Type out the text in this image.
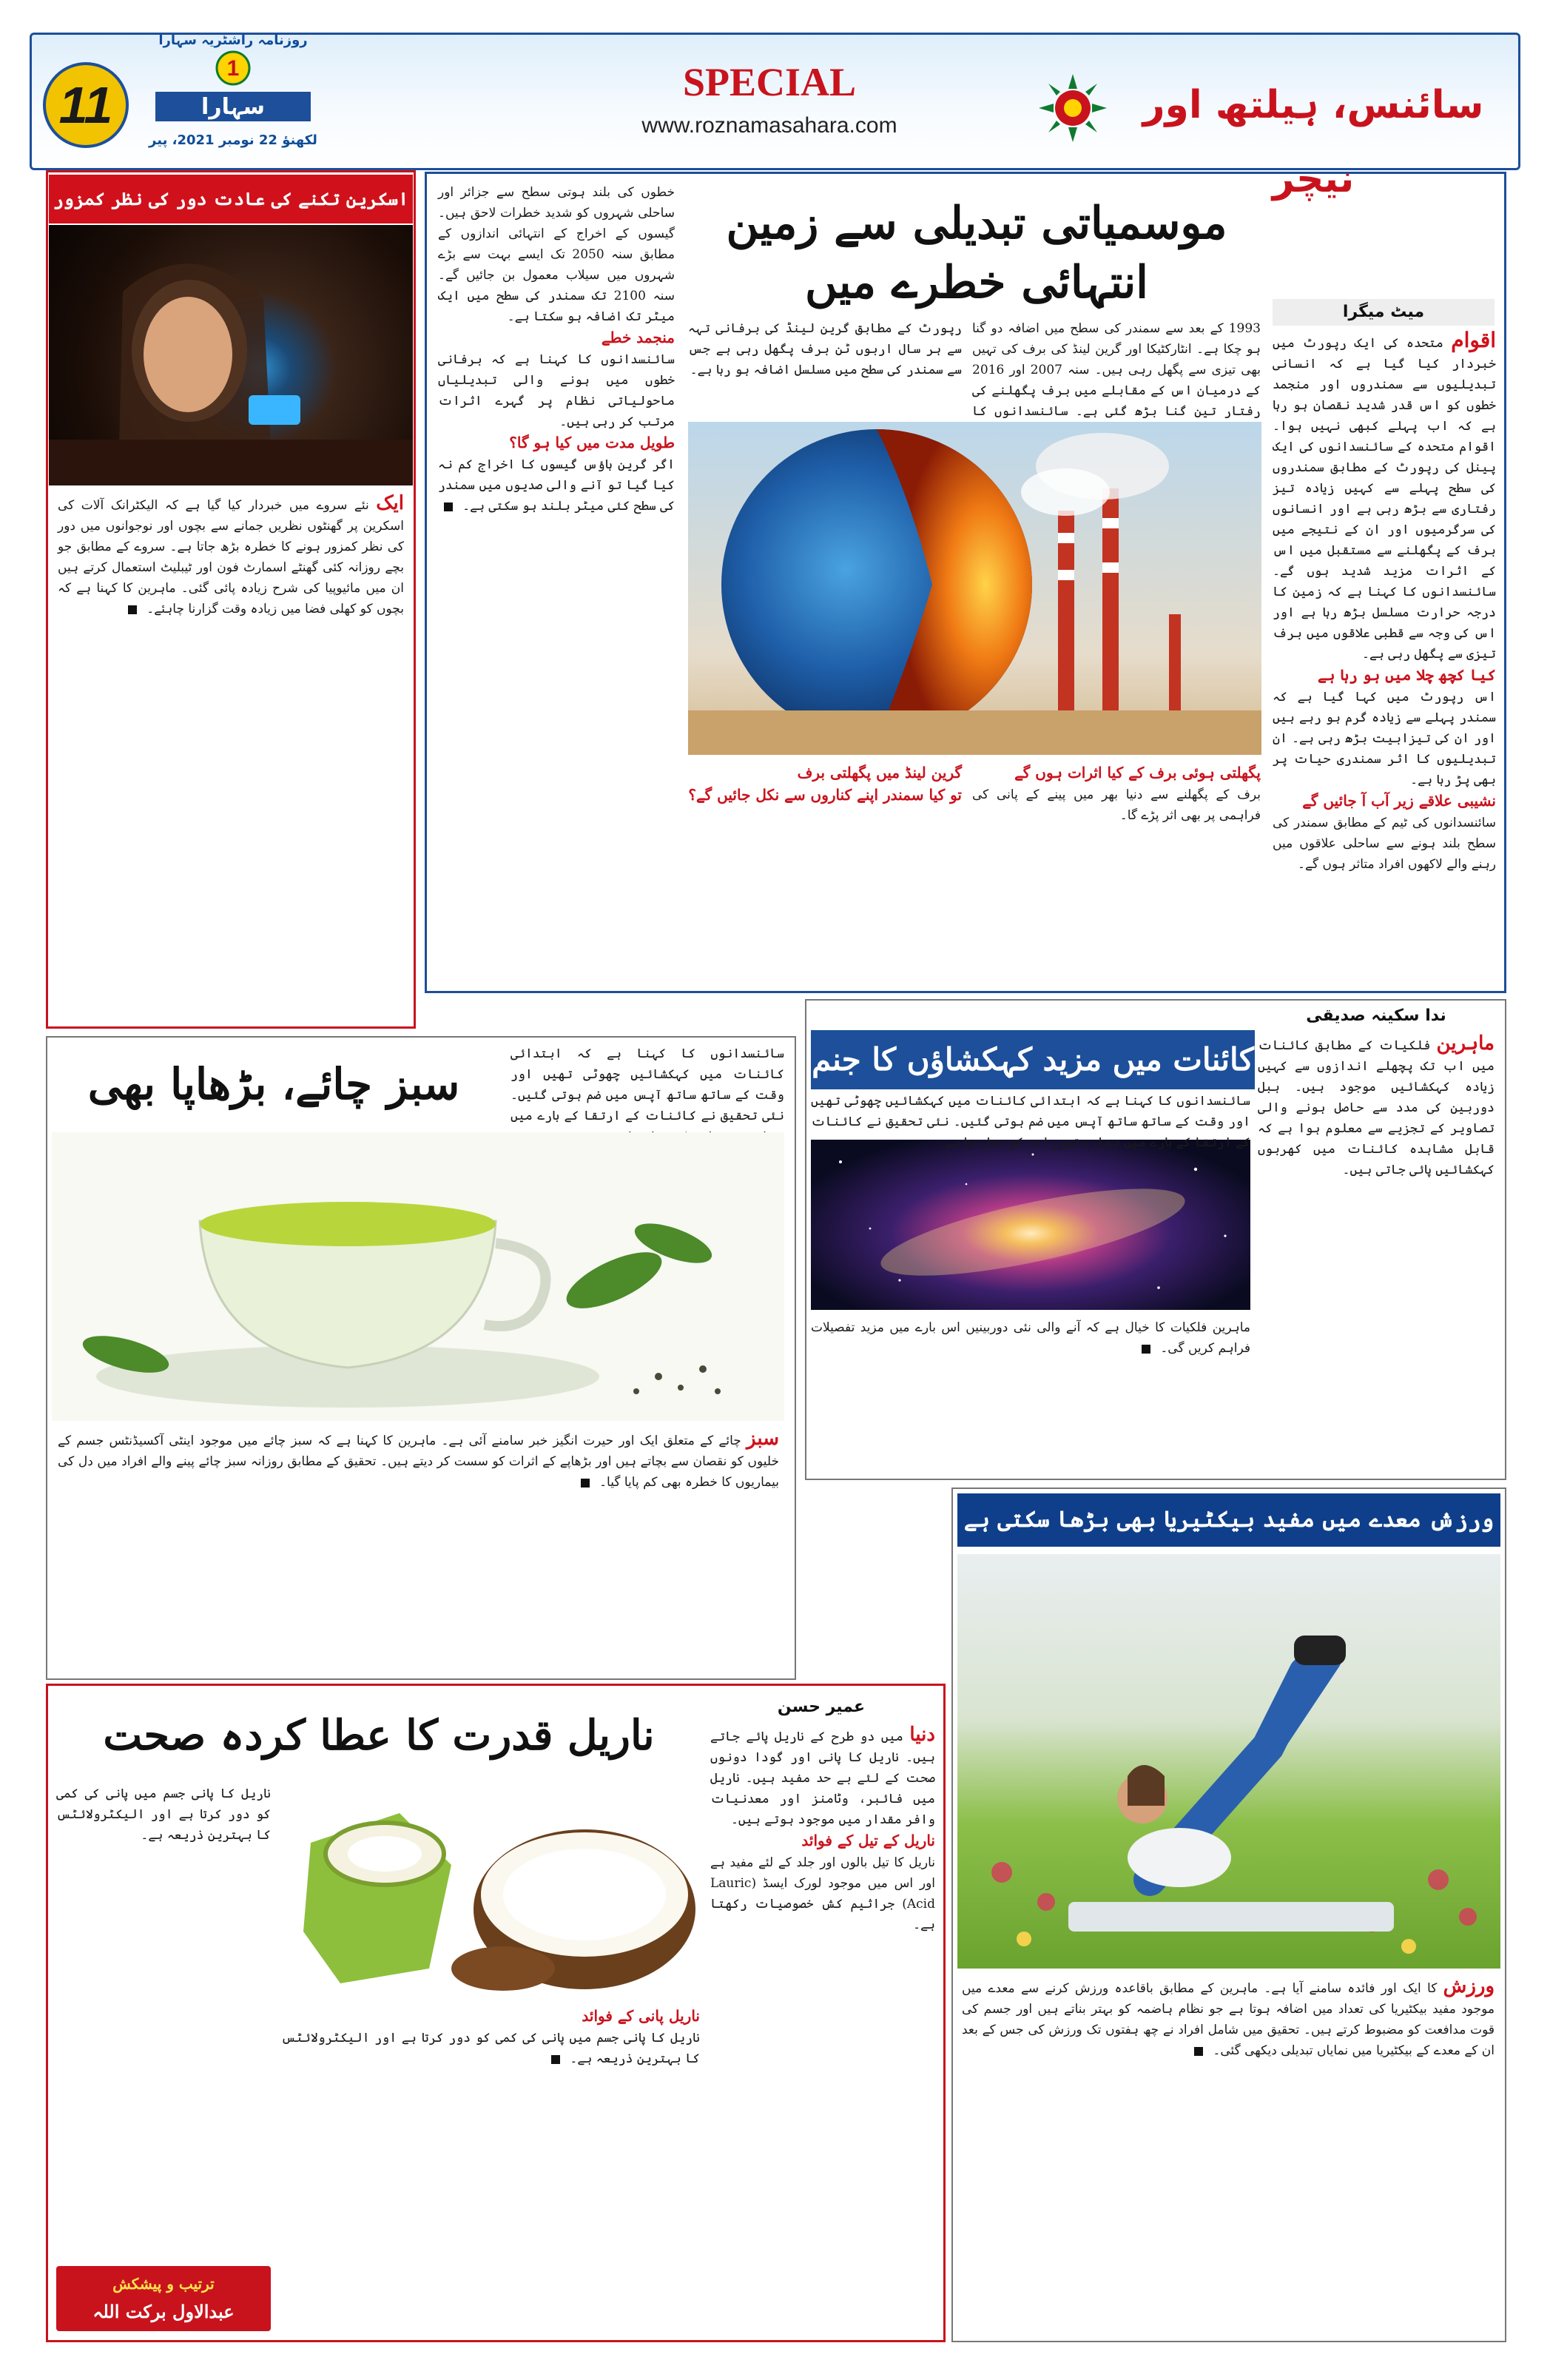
11
1
سہارا
روزنامہ راشٹریہ سہارا
لکھنؤ 22 نومبر 2021، پیر
SPECIAL
www.roznamasahara.com	سائنس، ہیلتھ اور نیچر
اسکرین تکنے کی عادت دور کی نظر کمزور
ایک نئے سروے میں خبردار کیا گیا ہے کہ الیکٹرانک آلات کی اسکرین پر گھنٹوں نظریں جمانے سے بچوں اور نوجوانوں میں دور کی نظر کمزور ہونے کا خطرہ بڑھ جاتا ہے۔ سروے کے مطابق جو بچے روزانہ کئی گھنٹے اسمارٹ فون اور ٹیبلیٹ استعمال کرتے ہیں ان میں مائیوپیا کی شرح زیادہ پائی گئی۔ ماہرین کا کہنا ہے کہ بچوں کو کھلی فضا میں زیادہ وقت گزارنا چاہئے۔
خطوں کی بلند ہوتی سطح سے جزائر اور ساحلی شہروں کو شدید خطرات لاحق ہیں۔ گیسوں کے اخراج کے انتہائی اندازوں کے مطابق سنہ 2050 تک ایسے بہت سے بڑے شہروں میں سیلاب معمول بن جائیں گے۔ سنہ 2100 تک سمندر کی سطح میں ایک میٹر تک اضافہ ہو سکتا ہے۔
منجمد خطے
سائنسدانوں کا کہنا ہے کہ برفانی خطوں میں ہونے والی تبدیلیاں ماحولیاتی نظام پر گہرے اثرات مرتب کر رہی ہیں۔
طویل مدت میں کیا ہو گا؟
اگر گرین ہاؤس گیسوں کا اخراج کم نہ کیا گیا تو آنے والی صدیوں میں سمندر کی سطح کئی میٹر بلند ہو سکتی ہے۔
موسمیاتی تبدیلی سے زمین انتہائی خطرے میں
میٹ میگرا
اقوام متحدہ کی ایک رپورٹ میں خبردار کیا گیا ہے کہ انسانی تبدیلیوں سے سمندروں اور منجمد خطوں کو اس قدر شدید نقصان ہو رہا ہے کہ اب پہلے کبھی نہیں ہوا۔ اقوام متحدہ کے سائنسدانوں کی ایک پینل کی رپورٹ کے مطابق سمندروں کی سطح پہلے سے کہیں زیادہ تیز رفتاری سے بڑھ رہی ہے اور انسانوں کی سرگرمیوں اور ان کے نتیجے میں برف کے پگھلنے سے مستقبل میں اس کے اثرات مزید شدید ہوں گے۔ سائنسدانوں کا کہنا ہے کہ زمین کا درجہ حرارت مسلسل بڑھ رہا ہے اور اس کی وجہ سے قطبی علاقوں میں برف تیزی سے پگھل رہی ہے۔
کیا کچھ چلا میں ہو رہا ہے
اس رپورٹ میں کہا گیا ہے کہ سمندر پہلے سے زیادہ گرم ہو رہے ہیں اور ان کی تیزابیت بڑھ رہی ہے۔ ان تبدیلیوں کا اثر سمندری حیات پر بھی پڑ رہا ہے۔
نشیبی علاقے زیر آب آ جائیں گے
سائنسدانوں کی ٹیم کے مطابق سمندر کی سطح بلند ہونے سے ساحلی علاقوں میں رہنے والے لاکھوں افراد متاثر ہوں گے۔
1993 کے بعد سے سمندر کی سطح میں اضافہ دو گنا ہو چکا ہے۔ انٹارکٹیکا اور گرین لینڈ کی برف کی تہیں بھی تیزی سے پگھل رہی ہیں۔ سنہ 2007 اور 2016 کے درمیان اس کے مقابلے میں برف پگھلنے کی رفتار تین گنا بڑھ گئی ہے۔ سائنسدانوں کا
رپورٹ کے مطابق گرین لینڈ کی برفانی تہہ سے ہر سال اربوں ٹن برف پگھل رہی ہے جس سے سمندر کی سطح میں مسلسل اضافہ ہو رہا ہے۔
پگھلتی ہوئی برف کے کیا اثرات ہوں گے
برف کے پگھلنے سے دنیا بھر میں پینے کے پانی کی فراہمی پر بھی اثر پڑے گا۔
گرین لینڈ میں پگھلتی برف
تو کیا سمندر اپنے کناروں سے نکل جائیں گے؟
ندا سکینہ صدیقی
کائنات میں مزید کہکشاؤں کا جنم	ماہرین فلکیات کے مطابق کائنات میں اب تک پچھلے اندازوں سے کہیں زیادہ کہکشائیں موجود ہیں۔ ہبل دوربین کی مدد سے حاصل ہونے والی تصاویر کے تجزیے سے معلوم ہوا ہے کہ قابل مشاہدہ کائنات میں کھربوں کہکشائیں پائی جاتی ہیں۔
سائنسدانوں کا کہنا ہے کہ ابتدائی کائنات میں کہکشائیں چھوٹی تھیں اور وقت کے ساتھ ساتھ آپس میں ضم ہوتی گئیں۔ نئی تحقیق نے کائنات کے ارتقا کے بارے میں ہمارے تصورات کو بدل دیا ہے۔
ماہرین فلکیات کا خیال ہے کہ آنے والی نئی دوربینیں اس بارے میں مزید تفصیلات فراہم کریں گی۔
سبز چائے، بڑھاپا بھی
سائنسدانوں کا کہنا ہے کہ ابتدائی کائنات میں کہکشائیں چھوٹی تھیں اور وقت کے ساتھ ساتھ آپس میں ضم ہوتی گئیں۔ نئی تحقیق نے کائنات کے ارتقا کے بارے میں
سبز چائے کے متعلق ایک اور حیرت انگیز خبر سامنے آئی ہے۔ ماہرین کا کہنا ہے کہ سبز چائے میں موجود اینٹی آکسیڈنٹس جسم کے خلیوں کو نقصان سے بچاتے ہیں اور بڑھاپے کے اثرات کو سست کر دیتے ہیں۔ تحقیق کے مطابق روزانہ سبز چائے پینے والے افراد میں دل کی بیماریوں کا خطرہ بھی کم پایا گیا۔
ناریل قدرت کا عطا کردہ صحت
عمیر حسن
دنیا میں دو طرح کے ناریل پائے جاتے ہیں۔ ناریل کا پانی اور گودا دونوں صحت کے لئے بے حد مفید ہیں۔ ناریل میں فائبر، وٹامنز اور معدنیات وافر مقدار میں موجود ہوتے ہیں۔
ناریل کے تیل کے فوائد
ناریل کا تیل بالوں اور جلد کے لئے مفید ہے اور اس میں موجود لورک ایسڈ (Lauric Acid) جراثیم کش خصوصیات رکھتا ہے۔
ناریل پانی کے فوائد
ناریل کا پانی جسم میں پانی کی کمی کو دور کرتا ہے اور الیکٹرولائٹس کا بہترین ذریعہ ہے۔
ناریل کا پانی جسم میں پانی کی کمی کو دور کرتا ہے اور الیکٹرولائٹس کا بہترین ذریعہ ہے۔
ترتیب و پیشکش
عبدالاول برکت اللہ
ورزش معدے میں مفید بیکٹیریا بھی بڑھا سکتی ہے
ورزش کا ایک اور فائدہ سامنے آیا ہے۔ ماہرین کے مطابق باقاعدہ ورزش کرنے سے معدے میں موجود مفید بیکٹیریا کی تعداد میں اضافہ ہوتا ہے جو نظام ہاضمہ کو بہتر بناتے ہیں اور جسم کی قوت مدافعت کو مضبوط کرتے ہیں۔ تحقیق میں شامل افراد نے چھ ہفتوں تک ورزش کی جس کے بعد ان کے معدے کے بیکٹیریا میں نمایاں تبدیلی دیکھی گئی۔
